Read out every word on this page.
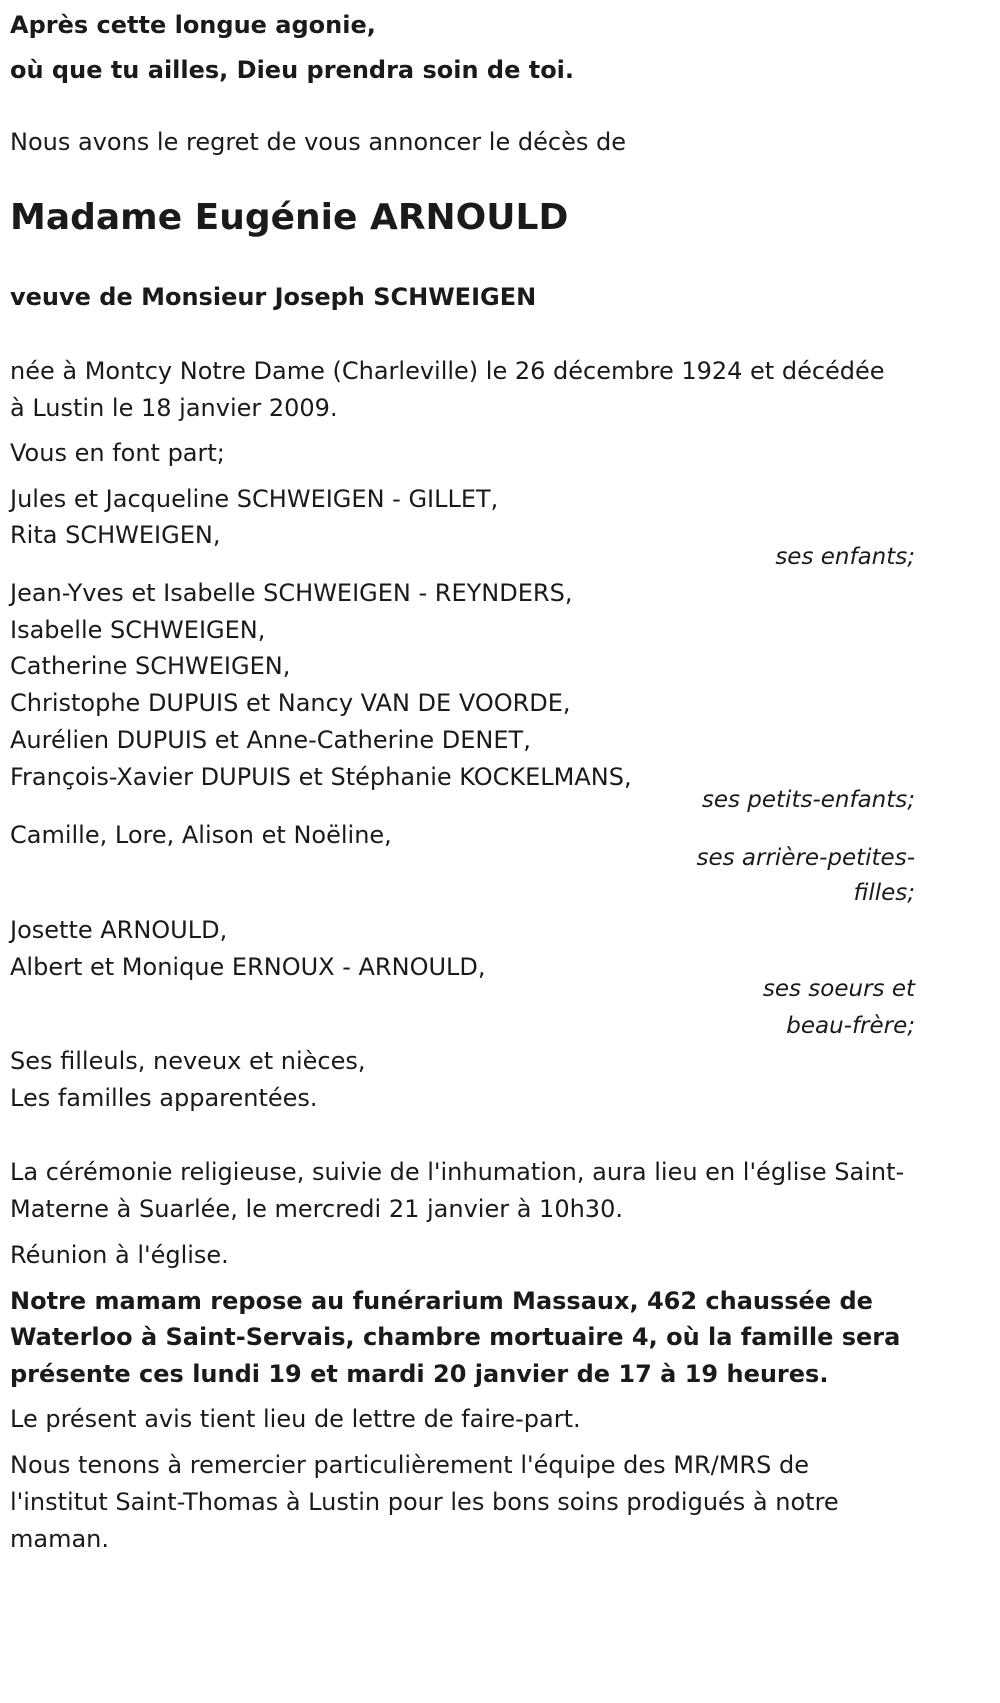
Après cette longue agonie,
où que tu ailles, Dieu prendra soin de toi.
Nous avons le regret de vous annoncer le décès de
Madame Eugénie ARNOULD
veuve de Monsieur Joseph SCHWEIGEN
née à Montcy Notre Dame (Charleville) le 26 décembre 1924 et décédée
à Lustin le 18 janvier 2009.
Vous en font part;
Jules et Jacqueline SCHWEIGEN - GILLET,
Rita SCHWEIGEN,
ses enfants;
Jean-Yves et Isabelle SCHWEIGEN - REYNDERS,
Isabelle SCHWEIGEN,
Catherine SCHWEIGEN,
Christophe DUPUIS et Nancy VAN DE VOORDE,
Aurélien DUPUIS et Anne-Catherine DENET,
François-Xavier DUPUIS et Stéphanie KOCKELMANS,
ses petits-enfants;
Camille, Lore, Alison et Noëline,
ses arrière-petites-
filles;
Josette ARNOULD,
Albert et Monique ERNOUX - ARNOULD,
ses soeurs et
beau-frère;
Ses filleuls, neveux et nièces,
Les familles apparentées.
La cérémonie religieuse, suivie de l'inhumation, aura lieu en l'église Saint-
Materne à Suarlée, le mercredi 21 janvier à 10h30.
Réunion à l'église.
Notre mamam repose au funérarium Massaux, 462 chaussée de
Waterloo à Saint-Servais, chambre mortuaire 4, où la famille sera
présente ces lundi 19 et mardi 20 janvier de 17 à 19 heures.
Le présent avis tient lieu de lettre de faire-part.
Nous tenons à remercier particulièrement l'équipe des MR/MRS de
l'institut Saint-Thomas à Lustin pour les bons soins prodigués à notre
maman.
